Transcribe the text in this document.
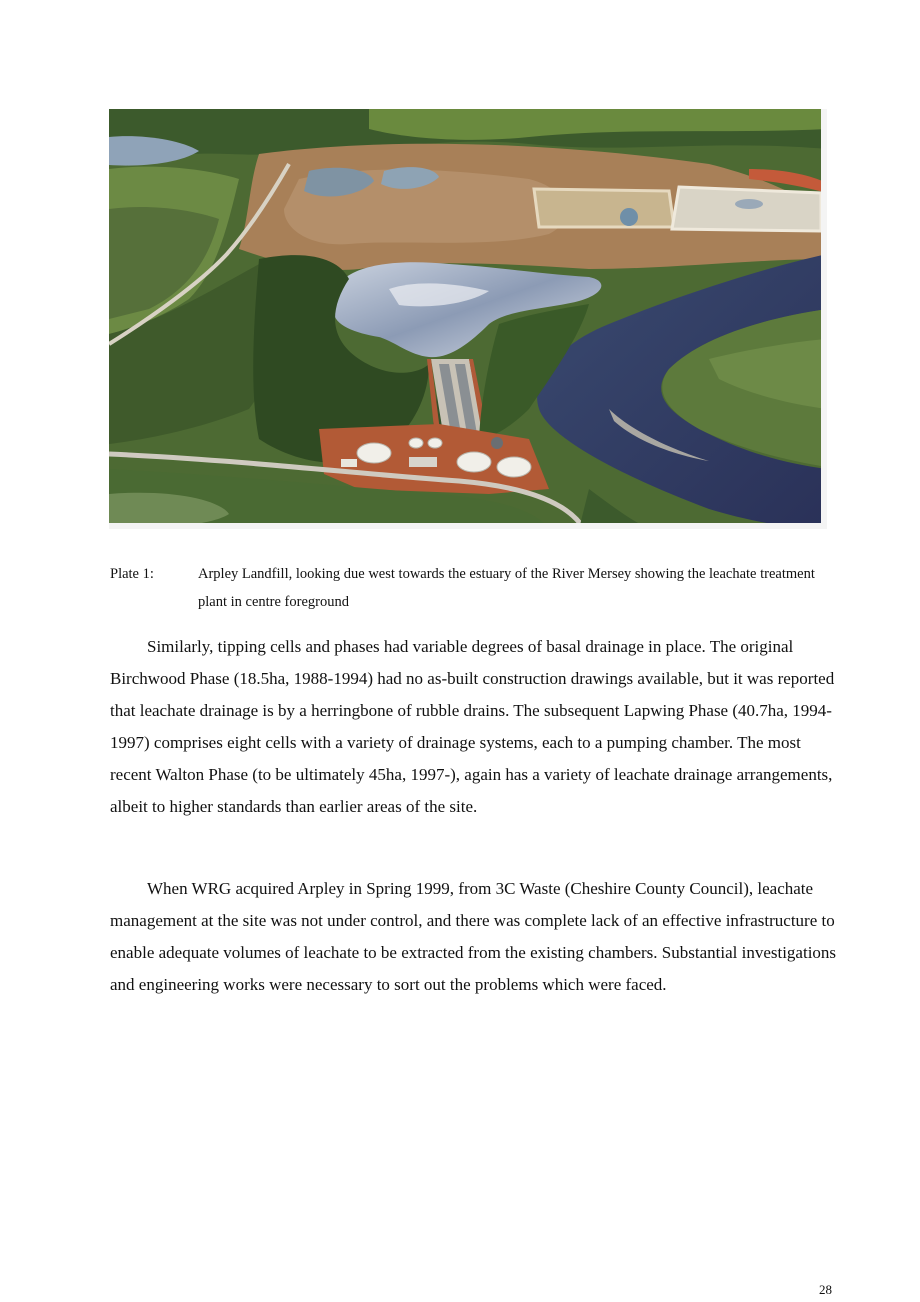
Plate 1:	Arpley Landfill, looking due west towards the estuary of the River Mersey showing the leachate treatment plant in centre foreground

Similarly, tipping cells and phases had variable degrees of basal drainage in place. The original Birchwood Phase (18.5ha, 1988-1994) had no as-built construction drawings available, but it was reported that leachate drainage is by a herringbone of rubble drains. The subsequent Lapwing Phase (40.7ha, 1994-1997) comprises eight cells with a variety of drainage systems, each to a pumping chamber. The most recent Walton Phase (to be ultimately 45ha, 1997-), again has a variety of leachate drainage arrangements, albeit to higher standards than earlier areas of the site.

When WRG acquired Arpley in Spring 1999, from 3C Waste (Cheshire County Council), leachate management at the site was not under control, and there was complete lack of an effective infrastructure to enable adequate volumes of leachate to be extracted from the existing chambers. Substantial investigations and engineering works were necessary to sort out the problems which were faced.

28
